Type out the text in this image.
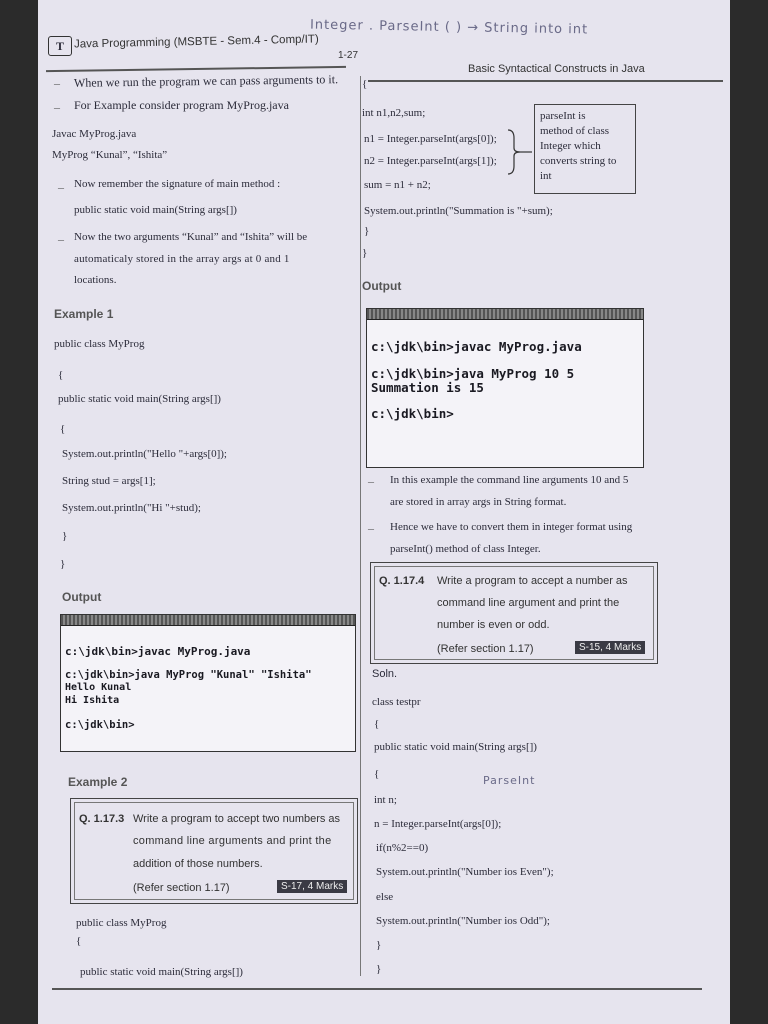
Integer . ParseInt ( ) → String into int
ParseInt
T Java Programming (MSBTE - Sem.4 - Comp/IT)
1-27
Basic Syntactical Constructs in Java
– When we run the program we can pass arguments to it.
– For Example consider program MyProg.java
Javac MyProg.java
MyProg “Kunal”, “Ishita”
– Now remember the signature of main method :
public static void main(String args[])
– Now the two arguments “Kunal” and “Ishita” will be
automaticaly stored in the array args at 0 and 1
locations.
Example 1
public class MyProg
{
public static void main(String args[])
{
System.out.println("Hello "+args[0]);
String stud = args[1];
System.out.println("Hi "+stud);
}
}
Output
c:\jdk\bin>javac MyProg.java
c:\jdk\bin>java MyProg "Kunal" "Ishita"
Hello Kunal
Hi Ishita
c:\jdk\bin>
Example 2
Q. 1.17.3 Write a program to accept two numbers as
command line arguments and print the
addition of those numbers.
(Refer section 1.17)	S-17, 4 Marks
public class MyProg
{
public static void main(String args[])
{
int n1,n2,sum;
n1 = Integer.parseInt(args[0]);
n2 = Integer.parseInt(args[1]);
sum = n1 + n2;
System.out.println("Summation is "+sum);
}
}
parseInt is
method of class
Integer which
converts string to
int
Output
c:\jdk\bin>javac MyProg.java
c:\jdk\bin>java MyProg 10 5
Summation is 15
c:\jdk\bin>
– In this example the command line arguments 10 and 5
are stored in array args in String format.
– Hence we have to convert them in integer format using
parseInt() method of class Integer.
Q. 1.17.4 Write a program to accept a number as
command line argument and print the
number is even or odd.
(Refer section 1.17)	S-15, 4 Marks
Soln.
class testpr
{
public static void main(String args[])
{
int n;
n = Integer.parseInt(args[0]);
if(n%2==0)
System.out.println("Number ios Even");
else
System.out.println("Number ios Odd");
}
}
